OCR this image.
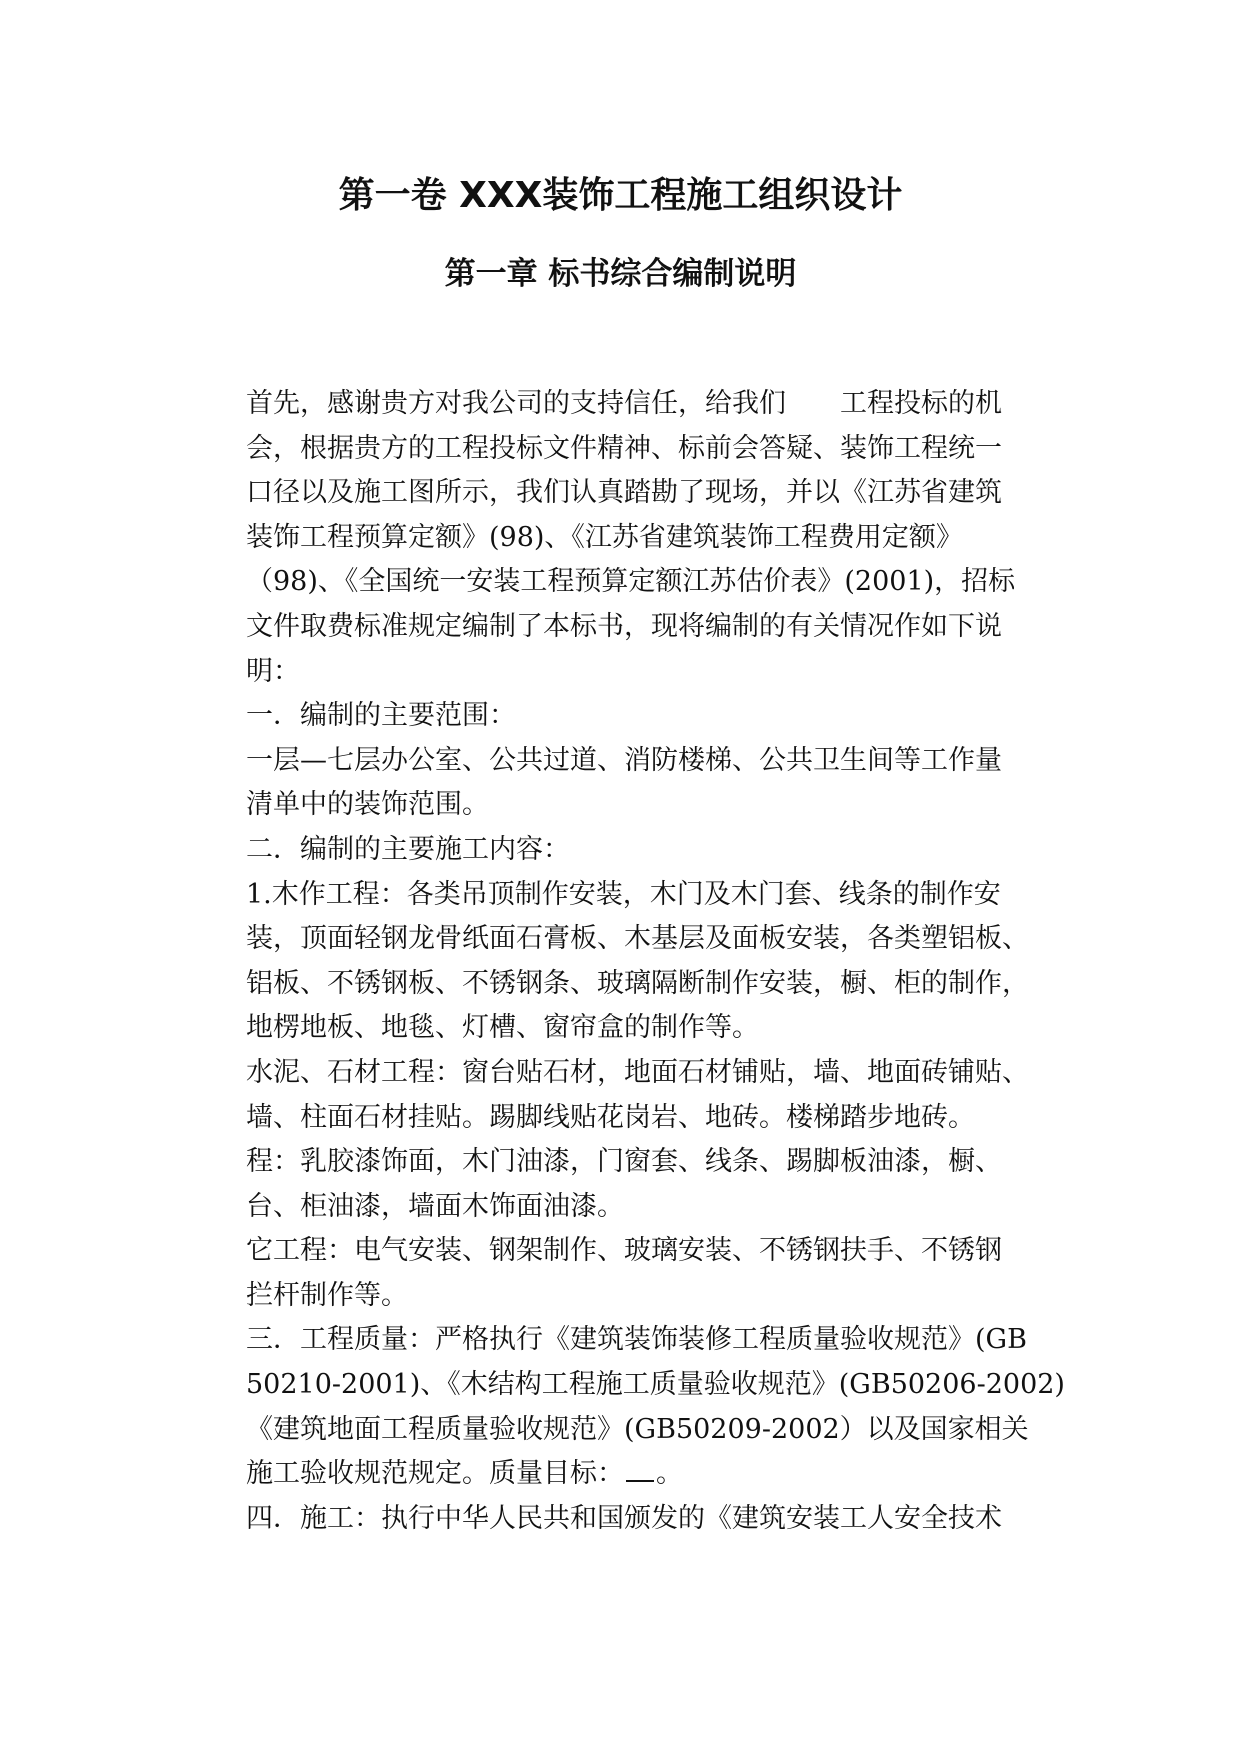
第一卷 XXX装饰工程施工组织设计
第一章 标书综合编制说明
首先，感谢贵方对我公司的支持信任，给我们 工程投标的机
会，根据贵方的工程投标文件精神、标前会答疑、装饰工程统一
口径以及施工图所示，我们认真踏勘了现场，并以《江苏省建筑
装饰工程预算定额》(98)、《江苏省建筑装饰工程费用定额》
（98)、《全国统一安装工程预算定额江苏估价表》(2001)，招标
文件取费标准规定编制了本标书，现将编制的有关情况作如下说
明：
一．编制的主要范围：
一层—七层办公室、公共过道、消防楼梯、公共卫生间等工作量
清单中的装饰范围。
二．编制的主要施工内容：
1.木作工程：各类吊顶制作安装，木门及木门套、线条的制作安
装，顶面轻钢龙骨纸面石膏板、木基层及面板安装，各类塑铝板、
铝板、不锈钢板、不锈钢条、玻璃隔断制作安装，橱、柜的制作，
地楞地板、地毯、灯槽、窗帘盒的制作等。
水泥、石材工程：窗台贴石材，地面石材铺贴，墙、地面砖铺贴、
墙、柱面石材挂贴。踢脚线贴花岗岩、地砖。楼梯踏步地砖。
程：乳胶漆饰面，木门油漆，门窗套、线条、踢脚板油漆，橱、
台、柜油漆，墙面木饰面油漆。
它工程：电气安装、钢架制作、玻璃安装、不锈钢扶手、不锈钢
拦杆制作等。
三．工程质量：严格执行《建筑装饰装修工程质量验收规范》(GB
50210-2001)、《木结构工程施工质量验收规范》(GB50206-2002)
《建筑地面工程质量验收规范》(GB50209-2002）以及国家相关
施工验收规范规定。质量目标： 。
四．施工：执行中华人民共和国颁发的《建筑安装工人安全技术
